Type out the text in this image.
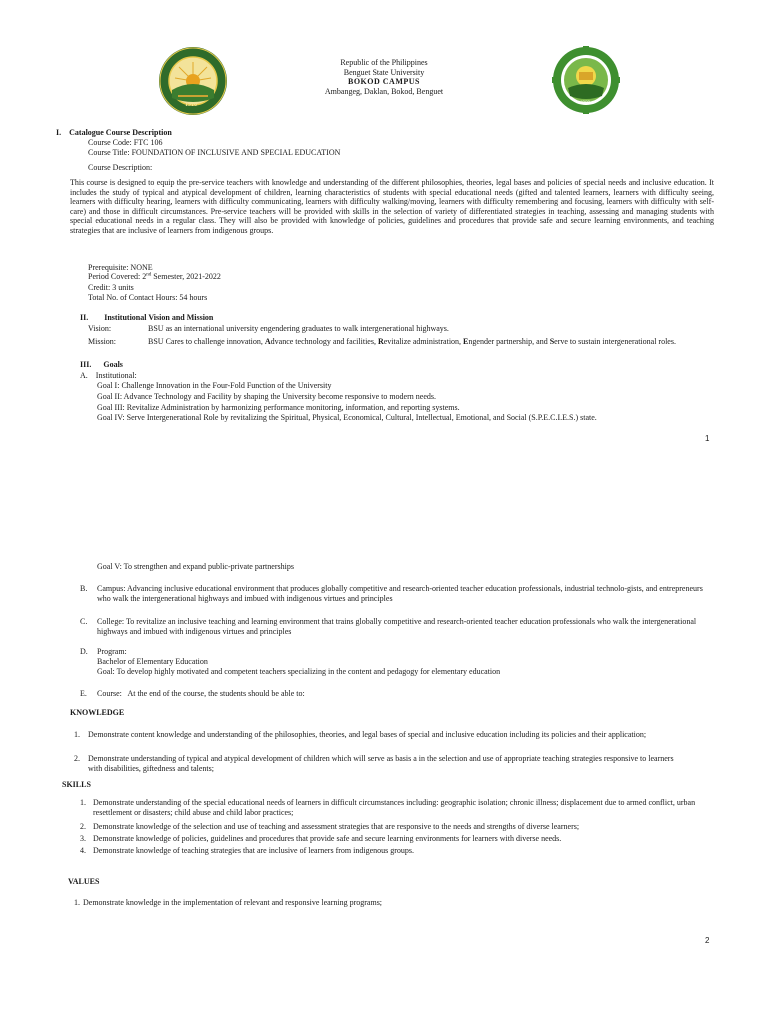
1916	1989
Republic of the Philippines
Benguet State University
BOKOD CAMPUS
Ambangeg, Daklan, Bokod, Benguet
I. Catalogue Course Description
Course Code: FTC 106
Course Title: FOUNDATION OF INCLUSIVE AND SPECIAL EDUCATION
Course Description:
This course is designed to equip the pre-service teachers with knowledge and understanding of the different philosophies, theories, legal bases and policies of special needs and inclusive education. It includes the study of typical and atypical development of children, learning characteristics of students with special educational needs (gifted and talented learners, learners with difficulty seeing, learners with difficulty hearing, learners with difficulty communicating, learners with difficulty walking/moving, learners with difficulty remembering and focusing, learners with difficulty with self-care) and those in difficult circumstances. Pre-service teachers will be provided with skills in the selection of variety of differentiated strategies in teaching, assessing and managing students with special educational needs in a regular class. They will also be provided with knowledge of policies, guidelines and procedures that provide safe and secure learning environments, and teaching strategies that are inclusive of learners from indigenous groups.
Prerequisite: NONE
Period Covered: 2nd Semester, 2021-2022
Credit: 3 units
Total No. of Contact Hours: 54 hours
II. Institutional Vision and Mission
Vision:	BSU as an international university engendering graduates to walk intergenerational highways.
Mission:	BSU Cares to challenge innovation, Advance technology and facilities, Revitalize administration, Engender partnership, and Serve to sustain intergenerational roles.
III. Goals
A. Institutional:
Goal I: Challenge Innovation in the Four-Fold Function of the University
Goal II: Advance Technology and Facility by shaping the University become responsive to modern needs.
Goal III: Revitalize Administration by harmonizing performance monitoring, information, and reporting systems.
Goal IV: Serve Intergenerational Role by revitalizing the Spiritual, Physical, Economical, Cultural, Intellectual, Emotional, and Social (S.P.E.C.I.E.S.) state.
1
Goal V: To strengthen and expand public-private partnerships
B. Campus: Advancing inclusive educational environment that produces globally competitive and research-oriented teacher education professionals, industrial technolo-gists, and entrepreneurs who walk the intergenerational highways and imbued with indigenous virtues and principles
C. College: To revitalize an inclusive teaching and learning environment that trains globally competitive and research-oriented teacher education professionals who walk the intergenerational highways and imbued with indigenous virtues and principles
D. Program:
Bachelor of Elementary Education
Goal: To develop highly motivated and competent teachers specializing in the content and pedagogy for elementary education
E. Course:   At the end of the course, the students should be able to:
KNOWLEDGE
1. Demonstrate content knowledge and understanding of the philosophies, theories, and legal bases of special and inclusive education including its policies and their application;
2. Demonstrate understanding of typical and atypical development of children which will serve as basis a in the selection and use of appropriate teaching strategies responsive to learners with disabilities, giftedness and talents;
SKILLS
1. Demonstrate understanding of the special educational needs of learners in difficult circumstances including: geographic isolation; chronic illness; displacement due to armed conflict, urban resettlement or disasters; child abuse and child labor practices;
2. Demonstrate knowledge of the selection and use of teaching and assessment strategies that are responsive to the needs and strengths of diverse learners;
3. Demonstrate knowledge of policies, guidelines and procedures that provide safe and secure learning environments for learners with diverse needs.
4. Demonstrate knowledge of teaching strategies that are inclusive of learners from indigenous groups.
VALUES
1. Demonstrate knowledge in the implementation of relevant and responsive learning programs;
2
